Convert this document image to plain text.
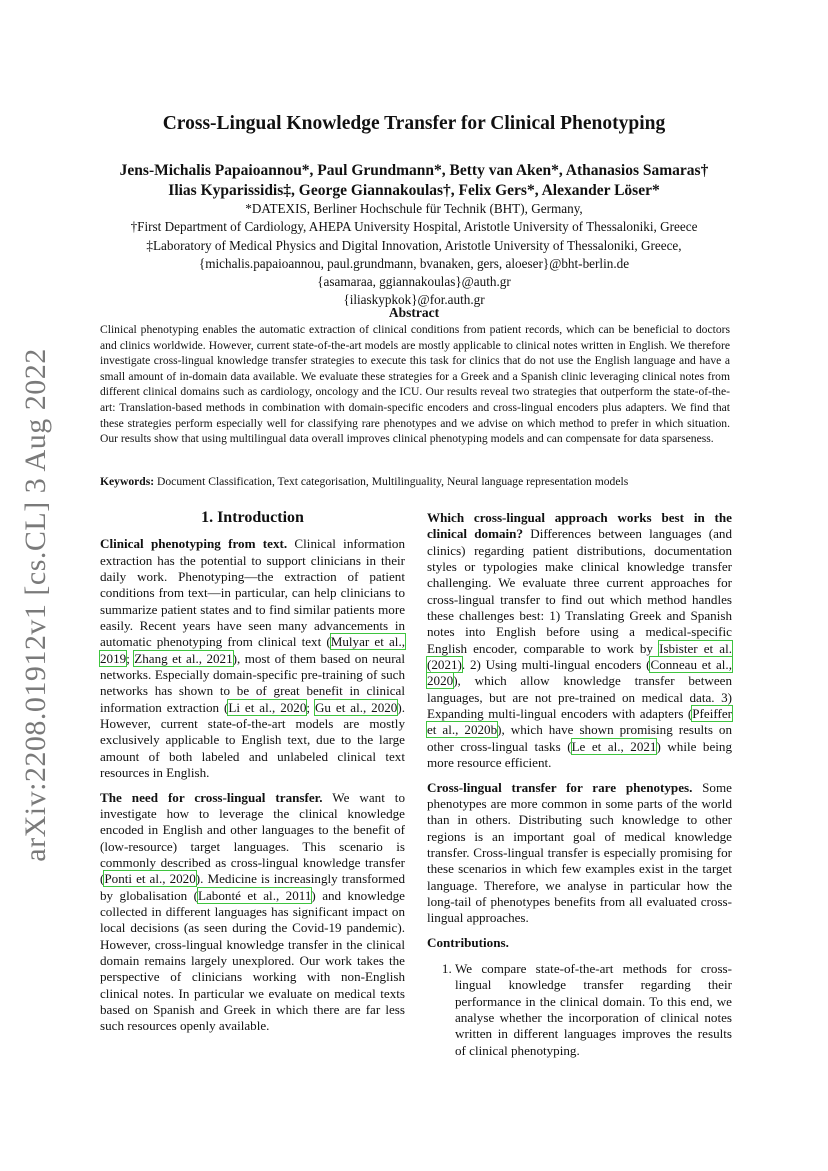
arXiv:2208.01912v1 [cs.CL] 3 Aug 2022
Cross-Lingual Knowledge Transfer for Clinical Phenotyping
Jens-Michalis Papaioannou*, Paul Grundmann*, Betty van Aken*, Athanasios Samaras†
Ilias Kyparissidis‡, George Giannakoulas†, Felix Gers*, Alexander Löser*
*DATEXIS, Berliner Hochschule für Technik (BHT), Germany,
†First Department of Cardiology, AHEPA University Hospital, Aristotle University of Thessaloniki, Greece
‡Laboratory of Medical Physics and Digital Innovation, Aristotle University of Thessaloniki, Greece,
{michalis.papaioannou, paul.grundmann, bvanaken, gers, aloeser}@bht-berlin.de
{asamaraa, ggiannakoulas}@auth.gr
{iliaskypkok}@for.auth.gr
Abstract
Clinical phenotyping enables the automatic extraction of clinical conditions from patient records, which can be beneficial to doctors and clinics worldwide. However, current state-of-the-art models are mostly applicable to clinical notes written in English. We therefore investigate cross-lingual knowledge transfer strategies to execute this task for clinics that do not use the English language and have a small amount of in-domain data available. We evaluate these strategies for a Greek and a Spanish clinic leveraging clinical notes from different clinical domains such as cardiology, oncology and the ICU. Our results reveal two strategies that outperform the state-of-the-art: Translation-based methods in combination with domain-specific encoders and cross-lingual encoders plus adapters. We find that these strategies perform especially well for classifying rare phenotypes and we advise on which method to prefer in which situation. Our results show that using multilingual data overall improves clinical phenotyping models and can compensate for data sparseness.
Keywords: Document Classification, Text categorisation, Multilinguality, Neural language representation models
1. Introduction

Clinical phenotyping from text. Clinical information extraction has the potential to support clinicians in their daily work. Phenotyping—the extraction of patient conditions from text—in particular, can help clinicians to summarize patient states and to find similar patients more easily. Recent years have seen many advancements in automatic phenotyping from clinical text (Mulyar et al., 2019; Zhang et al., 2021), most of them based on neural networks. Especially domain-specific pre-training of such networks has shown to be of great benefit in clinical information extraction (Li et al., 2020; Gu et al., 2020). However, current state-of-the-art models are mostly exclusively applicable to English text, due to the large amount of both labeled and unlabeled clinical text resources in English.

The need for cross-lingual transfer. We want to investigate how to leverage the clinical knowledge encoded in English and other languages to the benefit of (low-resource) target languages. This scenario is commonly described as cross-lingual knowledge transfer (Ponti et al., 2020). Medicine is increasingly transformed by globalisation (Labonté et al., 2011) and knowledge collected in different languages has significant impact on local decisions (as seen during the Covid-19 pandemic). However, cross-lingual knowledge transfer in the clinical domain remains largely unexplored. Our work takes the perspective of clinicians working with non-English clinical notes. In particular we evaluate on medical texts based on Spanish and Greek in which there are far less such resources openly available.

Which cross-lingual approach works best in the clinical domain? Differences between languages (and clinics) regarding patient distributions, documentation styles or typologies make clinical knowledge transfer challenging. We evaluate three current approaches for cross-lingual transfer to find out which method handles these challenges best: 1) Translating Greek and Spanish notes into English before using a medical-specific English encoder, comparable to work by Isbister et al. (2021). 2) Using multi-lingual encoders (Conneau et al., 2020), which allow knowledge transfer between languages, but are not pre-trained on medical data. 3) Expanding multi-lingual encoders with adapters (Pfeiffer et al., 2020b), which have shown promising results on other cross-lingual tasks (Le et al., 2021) while being more resource efficient.

Cross-lingual transfer for rare phenotypes. Some phenotypes are more common in some parts of the world than in others. Distributing such knowledge to other regions is an important goal of medical knowledge transfer. Cross-lingual transfer is especially promising for these scenarios in which few examples exist in the target language. Therefore, we analyse in particular how the long-tail of phenotypes benefits from all evaluated cross-lingual approaches.

Contributions.
1. We compare state-of-the-art methods for cross-lingual knowledge transfer regarding their performance in the clinical domain. To this end, we analyse whether the incorporation of clinical notes written in different languages improves the results of clinical phenotyping.
